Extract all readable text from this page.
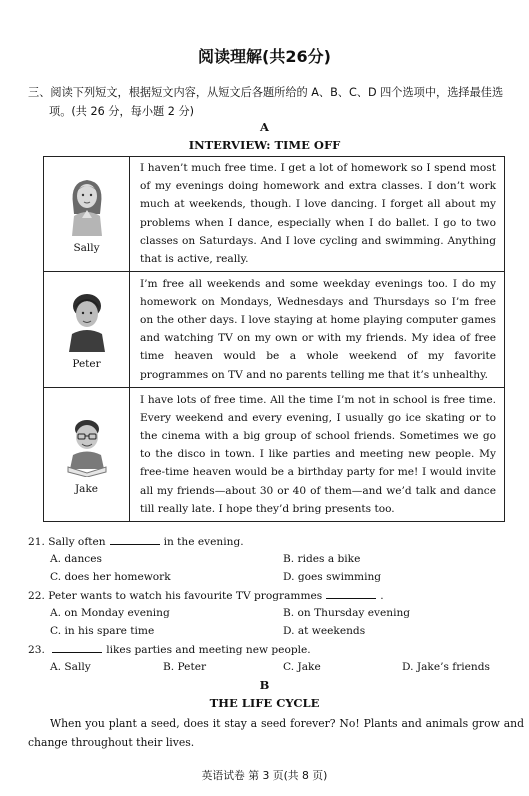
阅读理解(共26分)
三、阅读下列短文，根据短文内容，从短文后各题所给的 A、B、C、D 四个选项中，选择最佳选
项。(共 26 分，每小题 2 分)
A
INTERVIEW: TIME OFF
Sally	I haven’t much free time. I get a lot of homework so I spend most of my evenings doing homework and extra classes. I don’t work much at weekends, though. I love dancing. I forget all about my problems when I dance, especially when I do ballet. I go to two classes on Saturdays. And I love cycling and swimming. Anything that is active, really.

Peter	I’m free all weekends and some weekday evenings too. I do my homework on Mondays, Wednesdays and Thursdays so I’m free on the other days. I love staying at home playing computer games and watching TV on my own or with my friends. My idea of free time heaven would be a whole weekend of my favorite programmes on TV and no parents telling me that it’s unhealthy.

Jake	I have lots of free time. All the time I’m not in school is free time. Every weekend and every evening, I usually go ice skating or to the cinema with a big group of school friends. Sometimes we go to the disco in town. I like parties and meeting new people. My free-time heaven would be a birthday party for me! I would invite all my friends—about 30 or 40 of them—and we’d talk and dance till really late. I hope they’d bring presents too.
21. Sally often	in the evening.
A. dances	B. rides a bike
C. does her homework	D. goes swimming
22. Peter wants to watch his favourite TV programmes	.
A. on Monday evening	B. on Thursday evening
C. in his spare time	D. at weekends
23.	likes parties and meeting new people.
A. Sally	B. Peter	C. Jake	D. Jake’s friends
B
THE LIFE CYCLE
When you plant a seed, does it stay a seed forever? No! Plants and animals grow and change throughout their lives.
英语试卷 第 3 页(共 8 页)
